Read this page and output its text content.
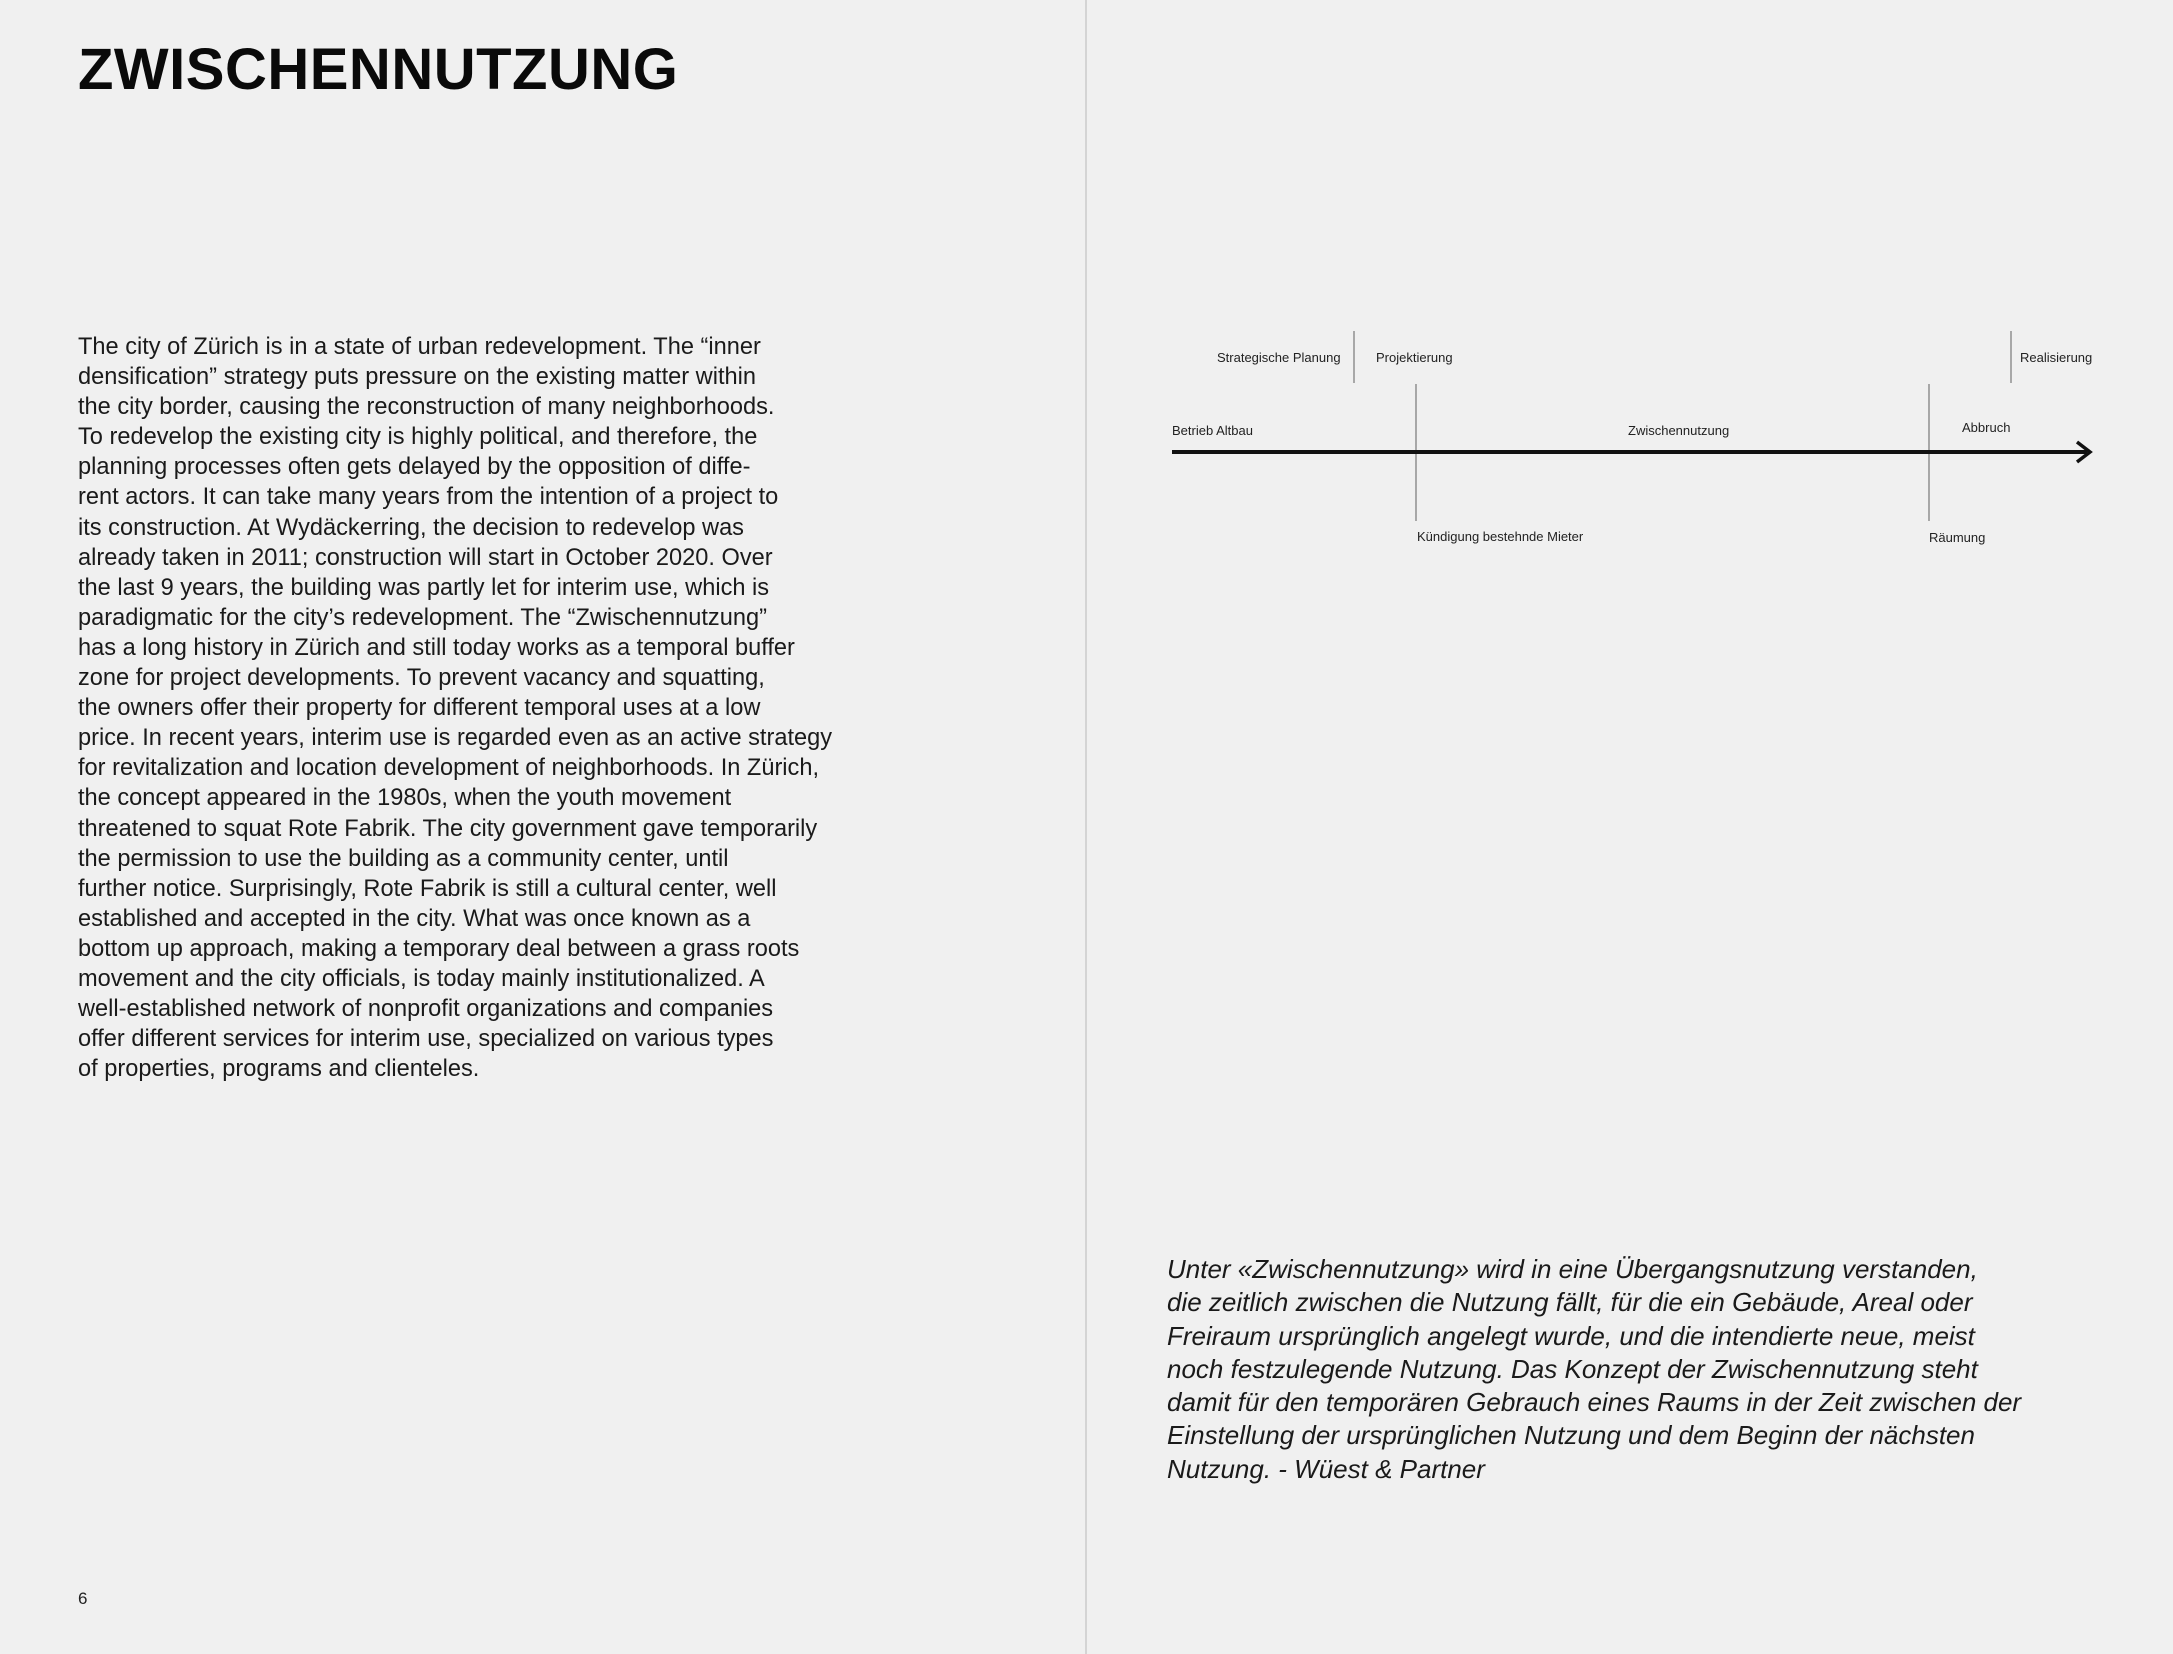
ZWISCHENNUTZUNG

The city of Zürich is in a state of urban redevelopment. The “inner
densification” strategy puts pressure on the existing matter within
the city border, causing the reconstruction of many neighborhoods.
To redevelop the existing city is highly political, and therefore, the
planning processes often gets delayed by the opposition of diffe-
rent actors. It can take many years from the intention of a project to
its construction. At Wydäckerring, the decision to redevelop was
already taken in 2011; construction will start in October 2020. Over
the last 9 years, the building was partly let for interim use, which is
paradigmatic for the city’s redevelopment. The “Zwischennutzung”
has a long history in Zürich and still today works as a temporal buffer
zone for project developments. To prevent vacancy and squatting,
the owners offer their property for different temporal uses at a low
price. In recent years, interim use is regarded even as an active strategy
for revitalization and location development of neighborhoods. In Zürich,
the concept appeared in the 1980s, when the youth movement
threatened to squat Rote Fabrik. The city government gave temporarily
the permission to use the building as a community center, until
further notice. Surprisingly, Rote Fabrik is still a cultural center, well
established and accepted in the city. What was once known as a
bottom up approach, making a temporary deal between a grass roots
movement and the city officials, is today mainly institutionalized. A
well-established network of nonprofit organizations and companies
offer different services for interim use, specialized on various types
of properties, programs and clienteles.

6
Strategische Planung	Projektierung	Realisierung
Betrieb Altbau	Zwischennutzung	Abbruch
Kündigung bestehnde Mieter	Räumung

Unter «Zwischennutzung» wird in eine Übergangsnutzung verstanden,
die zeitlich zwischen die Nutzung fällt, für die ein Gebäude, Areal oder
Freiraum ursprünglich angelegt wurde, und die intendierte neue, meist
noch festzulegende Nutzung. Das Konzept der Zwischennutzung steht
damit für den temporären Gebrauch eines Raums in der Zeit zwischen der
Einstellung der ursprünglichen Nutzung und dem Beginn der nächsten
Nutzung. - Wüest & Partner
